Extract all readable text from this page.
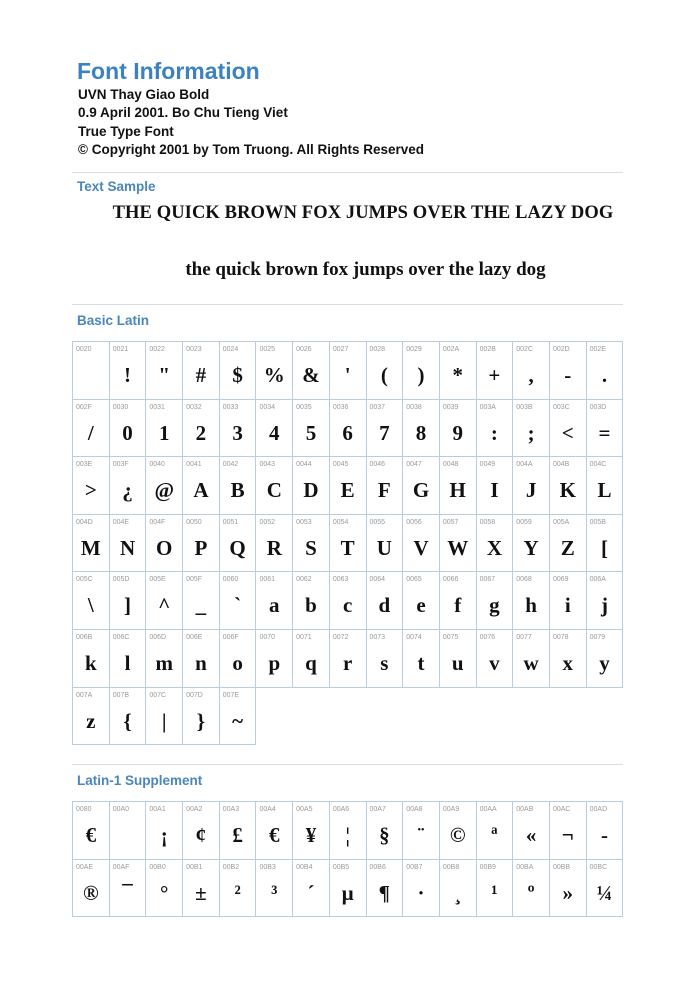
Font Information
UVN Thay Giao Bold
0.9 April 2001. Bo Chu Tieng Viet
True Type Font
© Copyright 2001 by Tom Truong. All Rights Reserved
Text Sample
THE QUICK BROWN FOX JUMPS OVER THE LAZY DOG
the quick brown fox jumps over the lazy dog
Basic Latin
0020	0021
!
0022
"
0023
#
0024
$
0025
%
0026
&
0027
'
0028
(
0029
)
002A
*
002B
+
002C
,
002D
-
002E
.
002F
/
0030
0
0031
1
0032
2
0033
3
0034
4
0035
5
0036
6
0037
7
0038
8
0039
9
003A
:
003B
;
003C
<
003D
=
003E
>
003F
¿
0040
@
0041
A
0042
B
0043
C
0044
D
0045
E
0046
F
0047
G
0048
H
0049
I
004A
J
004B
K
004C
L
004D
M
004E
N
004F
O
0050
P
0051
Q
0052
R
0053
S
0054
T
0055
U
0056
V
0057
W
0058
X
0059
Y
005A
Z
005B
[
005C
\
005D
]
005E
^
005F
_
0060
`
0061
a
0062
b
0063
c
0064
d
0065
e
0066
f
0067
g
0068
h
0069
i
006A
j
006B
k
006C
l
006D
m
006E
n
006F
o
0070
p
0071
q
0072
r
0073
s
0074
t
0075
u
0076
v
0077
w
0078
x
0079
y
007A
z
007B
{
007C
|
007D
}
007E
~
Latin-1 Supplement
0080
€
00A0	00A1
¡
00A2
¢
00A3
£
00A4
€
00A5
¥
00A6
¦
00A7
§
00A8
¨
00A9
©
00AA
ª
00AB
«
00AC
¬
00AD
-
00AE
®
00AF
¯
00B0
°
00B1
±
00B2
²
00B3
³
00B4
´
00B5
µ
00B6
¶
00B7
·
00B8
¸
00B9
¹
00BA
º
00BB
»
00BC
¼
